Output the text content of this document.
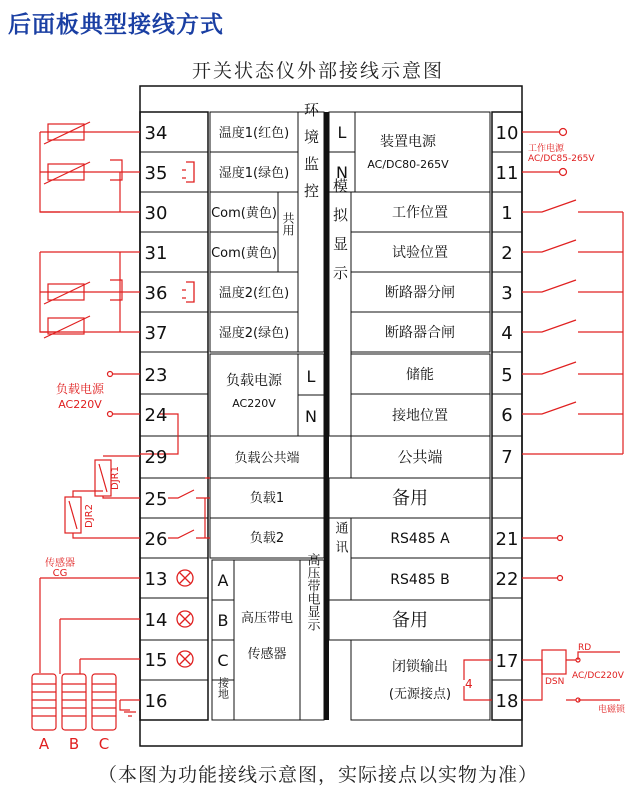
后面板典型接线方式
开关状态仪外部接线示意图
34
35
30
31
36
37
23
24
29
25
26
13
14
15
16
10
11
1
2
3
4
5
6
7
21
22
17
18
温度1(红色)
湿度1(绿色)
Com(黄色)
Com(黄色)
温度2(红色)
湿度2(绿色)
负载电源
AC220V
负载公共端
负载1
负载2
A
B
C
L
N
高压带电
传感器
共用
环境监控
接地
高压带电显示
L
N
装置电源
AC/DC80-265V
模拟显示	工作位置
试验位置
断路器分闸
断路器合闸
储能
接地位置
公共端
备用
通讯	RS485 A
RS485 B
备用
闭锁输出
(无源接点)
工作电源
AC/DC85-265V
负载电源
AC220V
DJR1
DJR2
传感器
CG
A B C
RD
DSN
AC/DC220V
电磁锁
4
（本图为功能接线示意图，实际接点以实物为准）
